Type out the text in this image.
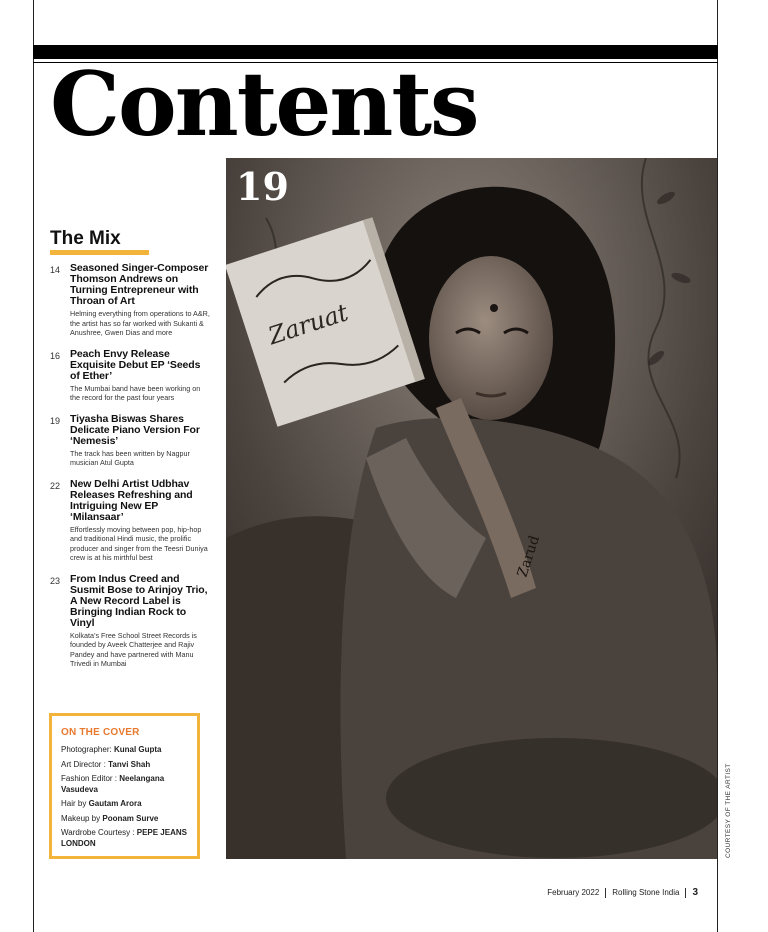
Contents
The Mix
14 Seasoned Singer-Composer Thomson Andrews on Turning Entrepreneur with Throan of Art
Helming everything from operations to A&R, the artist has so far worked with Sukanti & Anushree, Gwen Dias and more
16 Peach Envy Release Exquisite Debut EP ‘Seeds of Ether’
The Mumbai band have been working on the record for the past four years
19 Tiyasha Biswas Shares Delicate Piano Version For ‘Nemesis’
The track has been written by Nagpur musician Atul Gupta
22 New Delhi Artist Udbhav Releases Refreshing and Intriguing New EP ‘Milansaar’
Effortlessly moving between pop, hip-hop and traditional Hindi music, the prolific producer and singer from the Teesri Duniya crew is at his mirthful best
23 From Indus Creed and Susmit Bose to Arinjoy Trio, A New Record Label is Bringing Indian Rock to Vinyl
Kolkata’s Free School Street Records is founded by Aveek Chatterjee and Rajiv Pandey and have partnered with Manu Trivedi in Mumbai
ON THE COVER
Photographer: Kunal Gupta
Art Director : Tanvi Shah
Fashion Editor : Neelangana Vasudeva
Hair by Gautam Arora
Makeup by Poonam Surve
Wardrobe Courtesy : PEPE JEANS LONDON
Zarud
Zaruat
19
COURTESY OF THE ARTIST
February 2022 Rolling Stone India 3
